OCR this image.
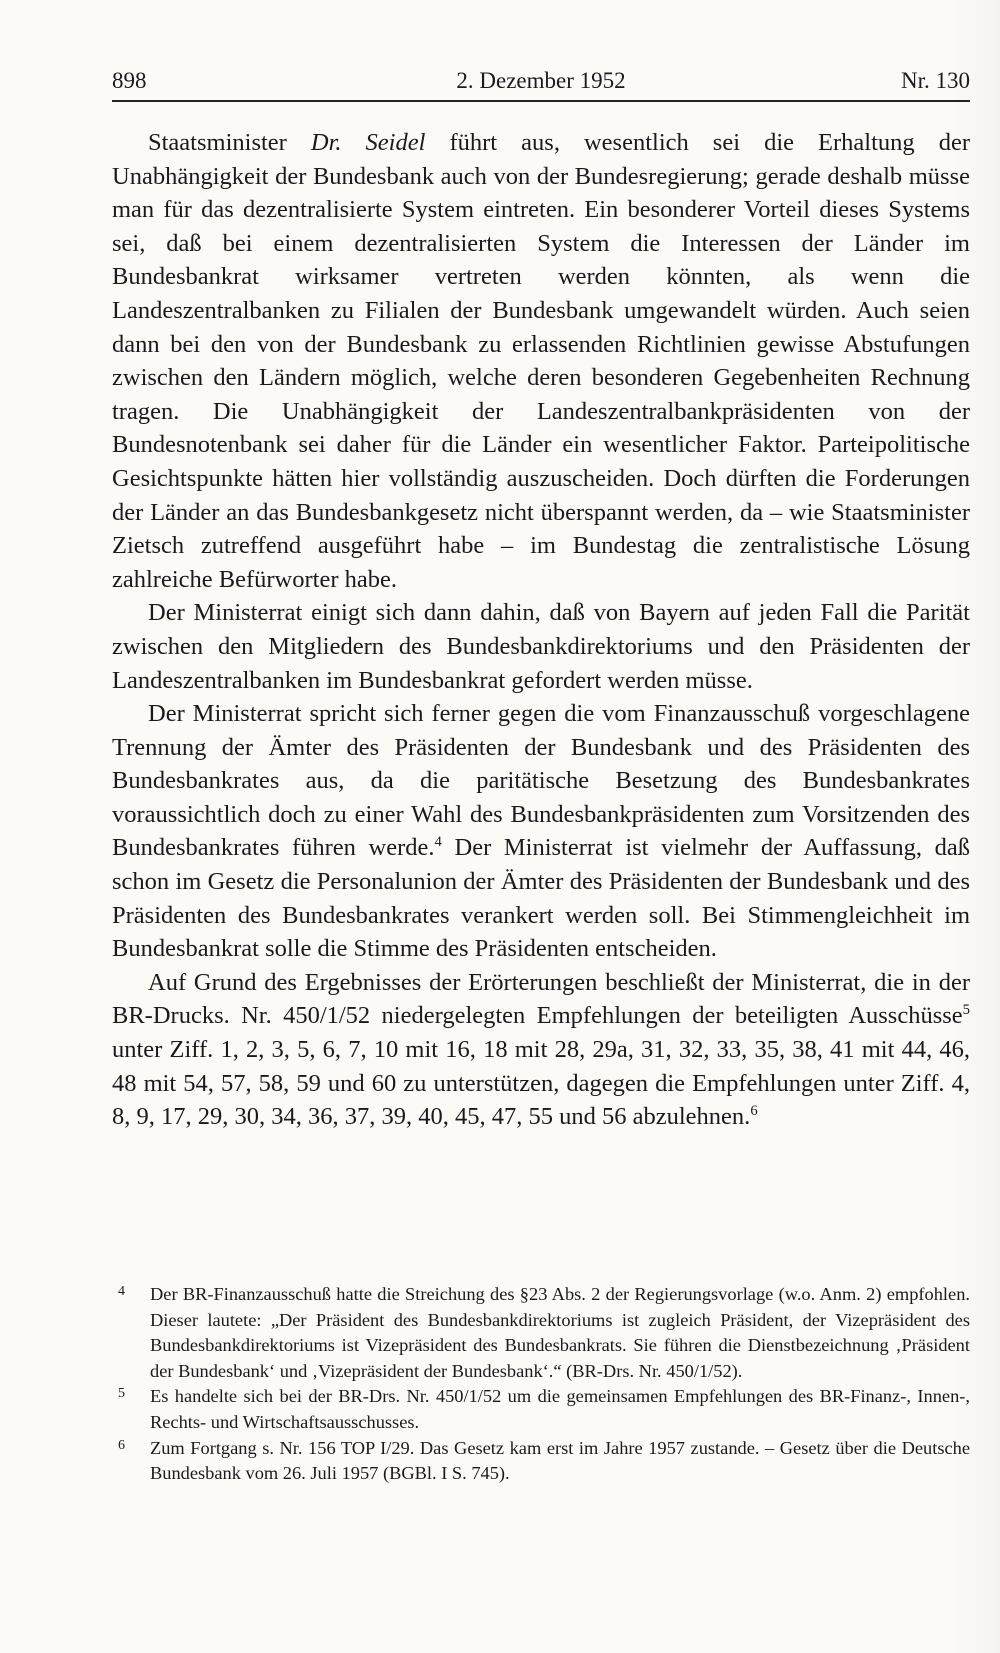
898	2. Dezember 1952	Nr. 130

Staatsminister Dr. Seidel führt aus, wesentlich sei die Erhaltung der Unabhängigkeit der Bundesbank auch von der Bundesregierung; gerade deshalb müsse man für das dezentralisierte System eintreten. Ein besonderer Vorteil dieses Systems sei, daß bei einem dezentralisierten System die Interessen der Länder im Bundesbankrat wirksamer vertreten werden könnten, als wenn die Landeszentralbanken zu Filialen der Bundesbank umgewandelt würden. Auch seien dann bei den von der Bundesbank zu erlassenden Richtlinien gewisse Abstufungen zwischen den Ländern möglich, welche deren besonderen Gegebenheiten Rechnung tragen. Die Unabhängigkeit der Landeszentralbankpräsidenten von der Bundesnotenbank sei daher für die Länder ein wesentlicher Faktor. Parteipolitische Gesichtspunkte hätten hier vollständig auszuscheiden. Doch dürften die Forderungen der Länder an das Bundesbankgesetz nicht überspannt werden, da – wie Staatsminister Zietsch zutreffend ausgeführt habe – im Bundestag die zentralistische Lösung zahlreiche Befürworter habe.

Der Ministerrat einigt sich dann dahin, daß von Bayern auf jeden Fall die Parität zwischen den Mitgliedern des Bundesbankdirektoriums und den Präsidenten der Landeszentralbanken im Bundesbankrat gefordert werden müsse.

Der Ministerrat spricht sich ferner gegen die vom Finanzausschuß vorgeschlagene Trennung der Ämter des Präsidenten der Bundesbank und des Präsidenten des Bundesbankrates aus, da die paritätische Besetzung des Bundesbankrates voraussichtlich doch zu einer Wahl des Bundesbankpräsidenten zum Vorsitzenden des Bundesbankrates führen werde.$^4$ Der Ministerrat ist vielmehr der Auffassung, daß schon im Gesetz die Personalunion der Ämter des Präsidenten der Bundesbank und des Präsidenten des Bundesbankrates verankert werden soll. Bei Stimmengleichheit im Bundesbankrat solle die Stimme des Präsidenten entscheiden.

Auf Grund des Ergebnisses der Erörterungen beschließt der Ministerrat, die in der BR-Drucks. Nr. 450/1/52 niedergelegten Empfehlungen der beteiligten Ausschüsse$^5$ unter Ziff. 1, 2, 3, 5, 6, 7, 10 mit 16, 18 mit 28, 29a, 31, 32, 33, 35, 38, 41 mit 44, 46, 48 mit 54, 57, 58, 59 und 60 zu unterstützen, dagegen die Empfehlungen unter Ziff. 4, 8, 9, 17, 29, 30, 34, 36, 37, 39, 40, 45, 47, 55 und 56 abzulehnen.$^6$

4 Der BR-Finanzausschuß hatte die Streichung des §23 Abs. 2 der Regierungsvorlage (w.o. Anm. 2) empfohlen. Dieser lautete: „Der Präsident des Bundesbankdirektoriums ist zugleich Präsident, der Vizepräsident des Bundesbankdirektoriums ist Vizepräsident des Bundesbankrats. Sie führen die Dienstbezeichnung ‚Präsident der Bundesbank‘ und ‚Vizepräsident der Bundesbank‘.“ (BR-Drs. Nr. 450/1/52).

5 Es handelte sich bei der BR-Drs. Nr. 450/1/52 um die gemeinsamen Empfehlungen des BR-Finanz-, Innen-, Rechts- und Wirtschaftsausschusses.

6 Zum Fortgang s. Nr. 156 TOP I/29. Das Gesetz kam erst im Jahre 1957 zustande. – Gesetz über die Deutsche Bundesbank vom 26. Juli 1957 (BGBl. I S. 745).
